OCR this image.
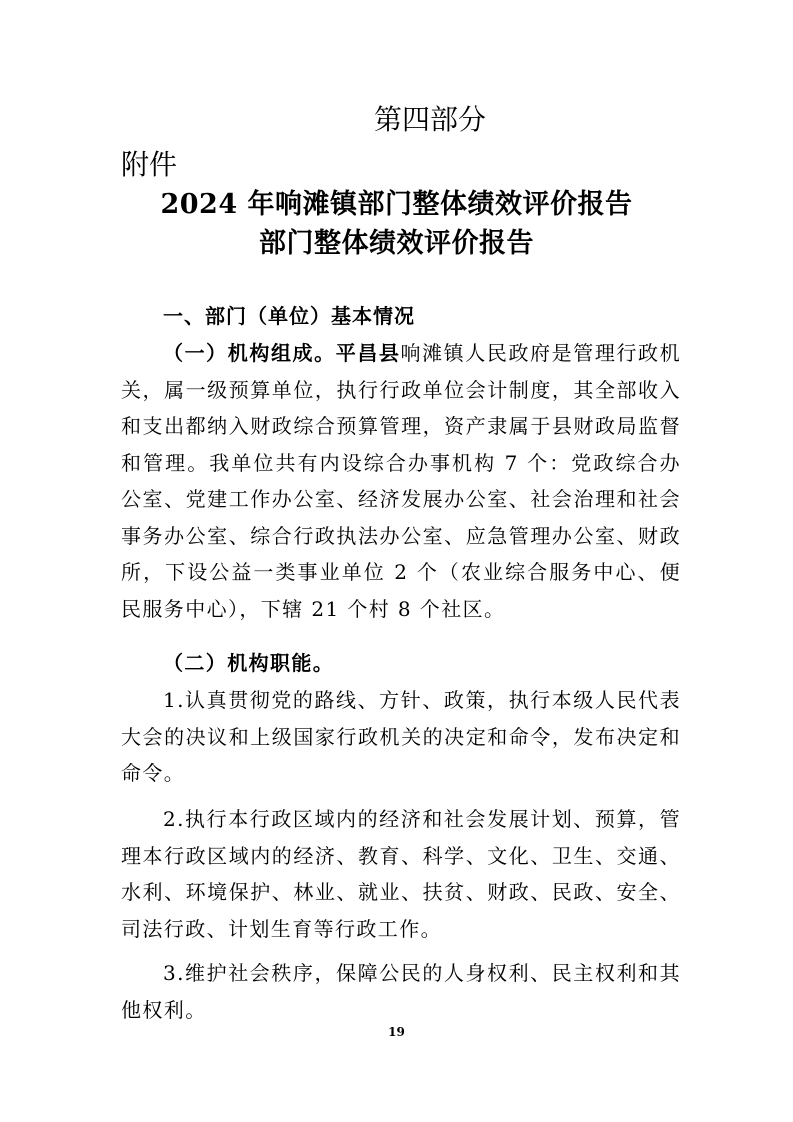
第四部分
附件
2024 年响滩镇部门整体绩效评价报告
部门整体绩效评价报告
一、部门（单位）基本情况
（一）机构组成。平昌县响滩镇人民政府是管理行政机关，属一级预算单位，执行行政单位会计制度，其全部收入和支出都纳入财政综合预算管理，资产隶属于县财政局监督和管理。我单位共有内设综合办事机构 7 个：党政综合办公室、党建工作办公室、经济发展办公室、社会治理和社会事务办公室、综合行政执法办公室、应急管理办公室、财政所，下设公益一类事业单位 2 个（农业综合服务中心、便民服务中心），下辖 21 个村 8 个社区。
（二）机构职能。
1.认真贯彻党的路线、方针、政策，执行本级人民代表大会的决议和上级国家行政机关的决定和命令，发布决定和命令。
2.执行本行政区域内的经济和社会发展计划、预算，管理本行政区域内的经济、教育、科学、文化、卫生、交通、水利、环境保护、林业、就业、扶贫、财政、民政、安全、司法行政、计划生育等行政工作。
3.维护社会秩序，保障公民的人身权利、民主权利和其他权利。
19
